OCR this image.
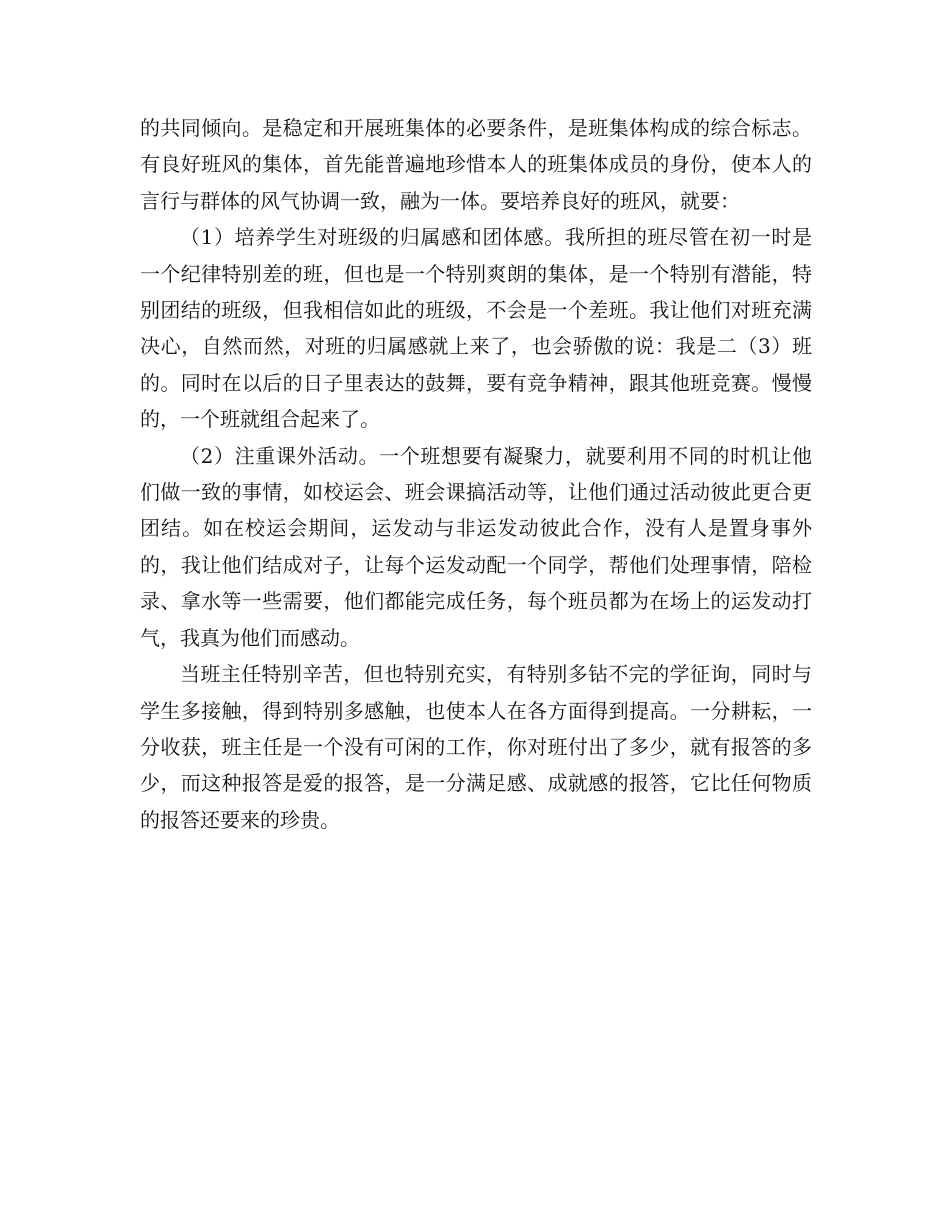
的共同倾向。是稳定和开展班集体的必要条件，是班集体构成的综合标志。有良好班风的集体，首先能普遍地珍惜本人的班集体成员的身份，使本人的言行与群体的风气协调一致，融为一体。要培养良好的班风，就要：

（1）培养学生对班级的归属感和团体感。我所担的班尽管在初一时是一个纪律特别差的班，但也是一个特别爽朗的集体，是一个特别有潜能，特别团结的班级，但我相信如此的班级，不会是一个差班。我让他们对班充满决心，自然而然，对班的归属感就上来了，也会骄傲的说：我是二（3）班的。同时在以后的日子里表达的鼓舞，要有竞争精神，跟其他班竞赛。慢慢的，一个班就组合起来了。

（2）注重课外活动。一个班想要有凝聚力，就要利用不同的时机让他们做一致的事情，如校运会、班会课搞活动等，让他们通过活动彼此更合更团结。如在校运会期间，运发动与非运发动彼此合作，没有人是置身事外的，我让他们结成对子，让每个运发动配一个同学，帮他们处理事情，陪检录、拿水等一些需要，他们都能完成任务，每个班员都为在场上的运发动打气，我真为他们而感动。

当班主任特别辛苦，但也特别充实，有特别多钻不完的学征询，同时与学生多接触，得到特别多感触，也使本人在各方面得到提高。一分耕耘，一分收获，班主任是一个没有可闲的工作，你对班付出了多少，就有报答的多少，而这种报答是爱的报答，是一分满足感、成就感的报答，它比任何物质的报答还要来的珍贵。
